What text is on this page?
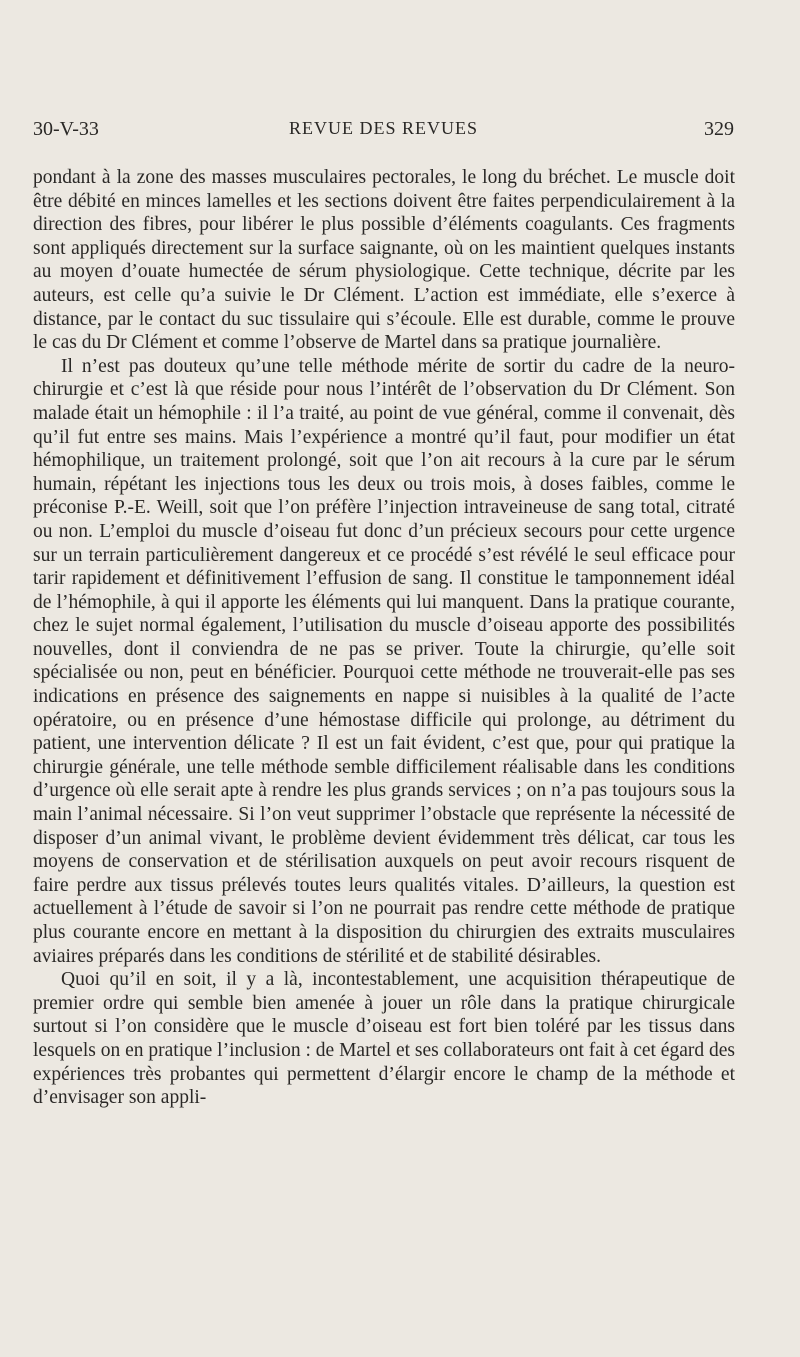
30-V-33	REVUE DES REVUES	329

pondant à la zone des masses musculaires pectorales, le long du bréchet. Le muscle doit être débité en minces lamelles et les sections doivent être faites perpendiculairement à la direction des fibres, pour libérer le plus possible d’éléments coagulants. Ces fragments sont appliqués directement sur la surface saignante, où on les maintient quelques instants au moyen d’ouate humectée de sérum physiologique. Cette technique, décrite par les auteurs, est celle qu’a suivie le Dr Clément. L’action est immédiate, elle s’exerce à distance, par le contact du suc tissulaire qui s’écoule. Elle est durable, comme le prouve le cas du Dr Clément et comme l’observe de Martel dans sa pratique journalière.

Il n’est pas douteux qu’une telle méthode mérite de sortir du cadre de la neuro-chirurgie et c’est là que réside pour nous l’intérêt de l’observation du Dr Clément. Son malade était un hémophile : il l’a traité, au point de vue général, comme il convenait, dès qu’il fut entre ses mains. Mais l’expérience a montré qu’il faut, pour modifier un état hémophilique, un traitement prolongé, soit que l’on ait recours à la cure par le sérum humain, répétant les injections tous les deux ou trois mois, à doses faibles, comme le préconise P.-E. Weill, soit que l’on préfère l’injection intraveineuse de sang total, citraté ou non. L’emploi du muscle d’oiseau fut donc d’un précieux secours pour cette urgence sur un terrain particulièrement dangereux et ce procédé s’est révélé le seul efficace pour tarir rapidement et définitivement l’effusion de sang. Il constitue le tamponnement idéal de l’hémophile, à qui il apporte les éléments qui lui manquent. Dans la pratique courante, chez le sujet normal également, l’utilisation du muscle d’oiseau apporte des possibilités nouvelles, dont il conviendra de ne pas se priver. Toute la chirurgie, qu’elle soit spécialisée ou non, peut en bénéficier. Pourquoi cette méthode ne trouverait-elle pas ses indications en présence des saignements en nappe si nuisibles à la qualité de l’acte opératoire, ou en présence d’une hémostase difficile qui prolonge, au détriment du patient, une intervention délicate ? Il est un fait évident, c’est que, pour qui pratique la chirurgie générale, une telle méthode semble difficilement réalisable dans les conditions d’urgence où elle serait apte à rendre les plus grands services ; on n’a pas toujours sous la main l’animal nécessaire. Si l’on veut supprimer l’obstacle que représente la nécessité de disposer d’un animal vivant, le problème devient évidemment très délicat, car tous les moyens de conservation et de stérilisation auxquels on peut avoir recours risquent de faire perdre aux tissus prélevés toutes leurs qualités vitales. D’ailleurs, la question est actuellement à l’étude de savoir si l’on ne pourrait pas rendre cette méthode de pratique plus courante encore en mettant à la disposition du chirurgien des extraits musculaires aviaires préparés dans les conditions de stérilité et de stabilité désirables.

Quoi qu’il en soit, il y a là, incontestablement, une acquisition thérapeutique de premier ordre qui semble bien amenée à jouer un rôle dans la pratique chirurgicale surtout si l’on considère que le muscle d’oiseau est fort bien toléré par les tissus dans lesquels on en pratique l’inclusion : de Martel et ses collaborateurs ont fait à cet égard des expériences très probantes qui permettent d’élargir encore le champ de la méthode et d’envisager son appli-
